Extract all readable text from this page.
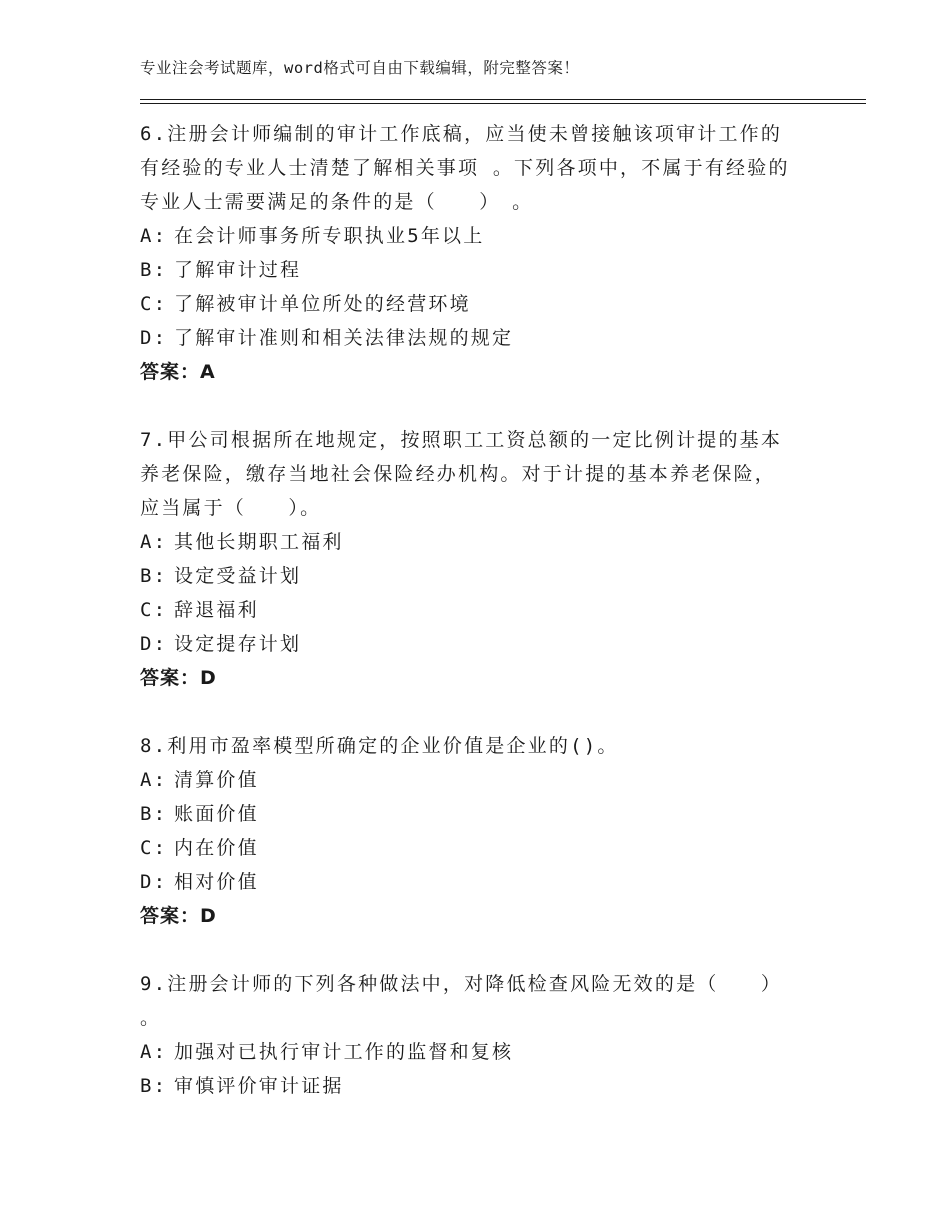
专业注会考试题库，word格式可自由下载编辑，附完整答案！
6.注册会计师编制的审计工作底稿，应当使未曾接触该项审计工作的
有经验的专业人士清楚了解相关事项 。下列各项中，不属于有经验的
专业人士需要满足的条件的是（　　）　。
A: 在会计师事务所专职执业5年以上
B: 了解审计过程
C: 了解被审计单位所处的经营环境
D: 了解审计准则和相关法律法规的规定
答案：A
7.甲公司根据所在地规定，按照职工工资总额的一定比例计提的基本
养老保险，缴存当地社会保险经办机构。对于计提的基本养老保险，
应当属于（　　）。
A: 其他长期职工福利
B: 设定受益计划
C: 辞退福利
D: 设定提存计划
答案：D
8.利用市盈率模型所确定的企业价值是企业的()。
A: 清算价值
B: 账面价值
C: 内在价值
D: 相对价值
答案：D
9.注册会计师的下列各种做法中，对降低检查风险无效的是（　　）
。
A: 加强对已执行审计工作的监督和复核
B: 审慎评价审计证据
